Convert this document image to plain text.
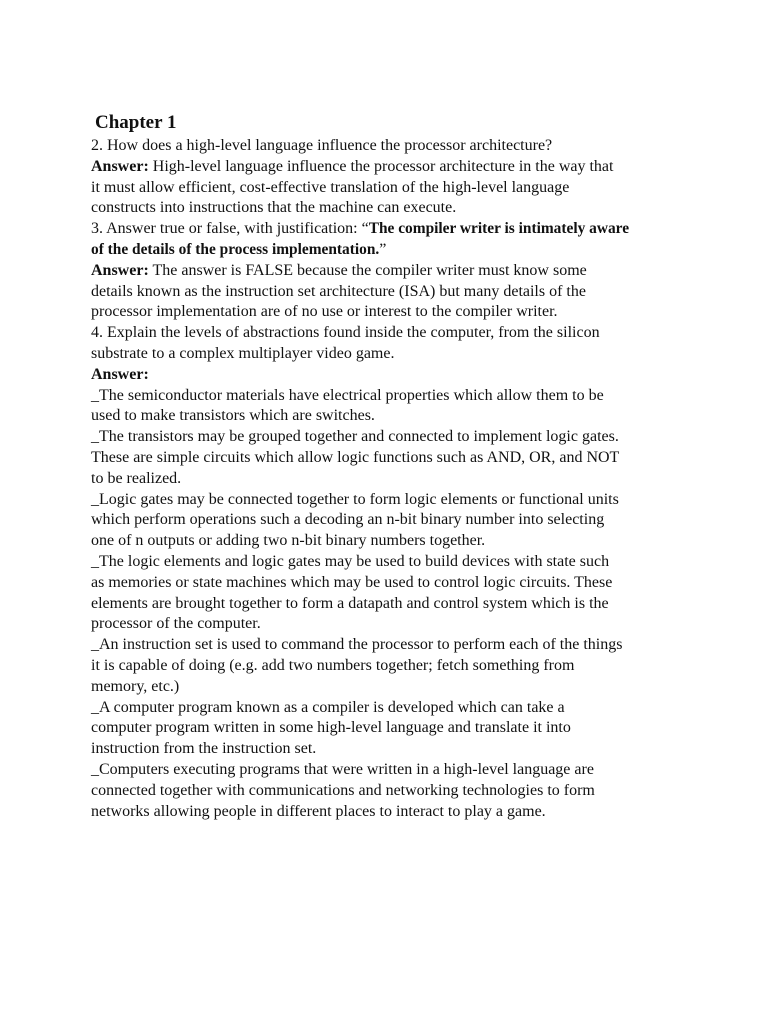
Chapter 1
2. How does a high-level language influence the processor architecture?
Answer: High-level language influence the processor architecture in the way that
it must allow efficient, cost-effective translation of the high-level language
constructs into instructions that the machine can execute.
3. Answer true or false, with justification: “The compiler writer is intimately aware
of the details of the process implementation.”
Answer: The answer is FALSE because the compiler writer must know some
details known as the instruction set architecture (ISA) but many details of the
processor implementation are of no use or interest to the compiler writer.
4. Explain the levels of abstractions found inside the computer, from the silicon
substrate to a complex multiplayer video game.
Answer:
_The semiconductor materials have electrical properties which allow them to be
used to make transistors which are switches.
_The transistors may be grouped together and connected to implement logic gates.
These are simple circuits which allow logic functions such as AND, OR, and NOT
to be realized.
_Logic gates may be connected together to form logic elements or functional units
which perform operations such a decoding an n-bit binary number into selecting
one of n outputs or adding two n-bit binary numbers together.
_The logic elements and logic gates may be used to build devices with state such
as memories or state machines which may be used to control logic circuits. These
elements are brought together to form a datapath and control system which is the
processor of the computer.
_An instruction set is used to command the processor to perform each of the things
it is capable of doing (e.g. add two numbers together; fetch something from
memory, etc.)
_A computer program known as a compiler is developed which can take a
computer program written in some high-level language and translate it into
instruction from the instruction set.
_Computers executing programs that were written in a high-level language are
connected together with communications and networking technologies to form
networks allowing people in different places to interact to play a game.
